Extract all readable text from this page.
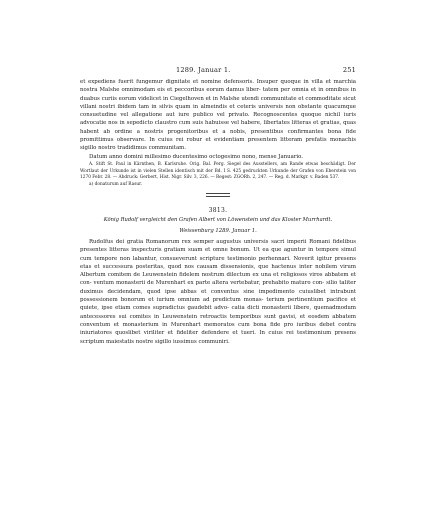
1289. Januar 1.	251

et expediens fuerit fungemur dignitate et nomine defensoris. Insuper quoque in villa et marchia nostra Malshe omnimodam eis et peccoribus eorum damus liber- tatem per omnia et in omnibus in duabus curiis eorum videlicet in Ciegelhoven et in Malshe utendi communitate et commoditate sicut villani nostri ibidem tam in silvis quam in almeindis et ceteris universis non obstante quacumque consuetudine vel allegatione aut iure publico vel privato. Recognoscentes quoque nichil iuris advocatie nos in sepedicto claustro cum suis habuisse vel habere, libertates litteras et gratias, quas habent ab ordine a nostris progenitoribus et a nobis, presentibus confirmantes bona fide promittimus observare. In cuius rei robur et evidentiam presentem litteram prefatis monachis sigillo nostro tradidimus communitam.

Datum anno domini millesimo ducentesimo octogesimo nono, mense Januario.

A. Stift St. Paul in Kärnthen, B. Karlsruhe. Orig. Bal. Perg. Siegel des Ausstellers, am Rande etwas beschädigt. Der Wortlaut der Urkunde ist in vielen Stellen identisch mit der Bd. I S. 425 gedruckten Urkunde der Grafen von Eberstein von 1270 Febr. 28. — Abdruck: Gerbert, Hist. Nigr. Silv. 3, 226. — Regest: ZGORh. 2, 247. — Reg. d. Markgr. v. Baden 537.

a) donaturum auf Rasur.

3813.
König Rudolf vergleicht den Grafen Albert von Löwenstein und das Kloster Murrhardt.
Weissenburg 1289. Januar 1.

Rudolfus dei gratia Romanorum rex semper augustus universis sacri imperii Romani fidelibus presentes litteras inspecturis gratiam suam et omne bonum. Ut ea que aguntur in tempore simul cum tempore non labantur, consueverunt scripture testimonio perhennari. Noverit igitur presens etas et successura posteritas, quod nos causam dissensionis, que hactenus inter nobilem virum Albertum comitem de Leuwenstein fidelem nostrum dilectum ex una et religiosos viros abbatem et con- ventum monasterii de Murenhart ex parte altera vertebatur, prehabito maturo con- silio taliter duximus decidendam, quod ipse abbas et conventus sine impedimento cuiuslibet intrabunt possessionem bonorum et iurium omnium ad predictum monas- terium pertinentium pacifice et quiete, ipse etiam comes supradictus gaudebit advo- catia dicti monasterii libere, quemadmodum antecessores sui comites in Leuwenstein retroactis temporibus sunt gavisi, et eosdem abbatem conventum et monasterium in Murenhart memoratos cum bona fide pro iuribus debet contra iniuriatores quoslibet viriliter et fideliter defendere et tueri. In cuius rei testimonium presens scriptum maiestatis nostre sigillo iussimus communiri.
